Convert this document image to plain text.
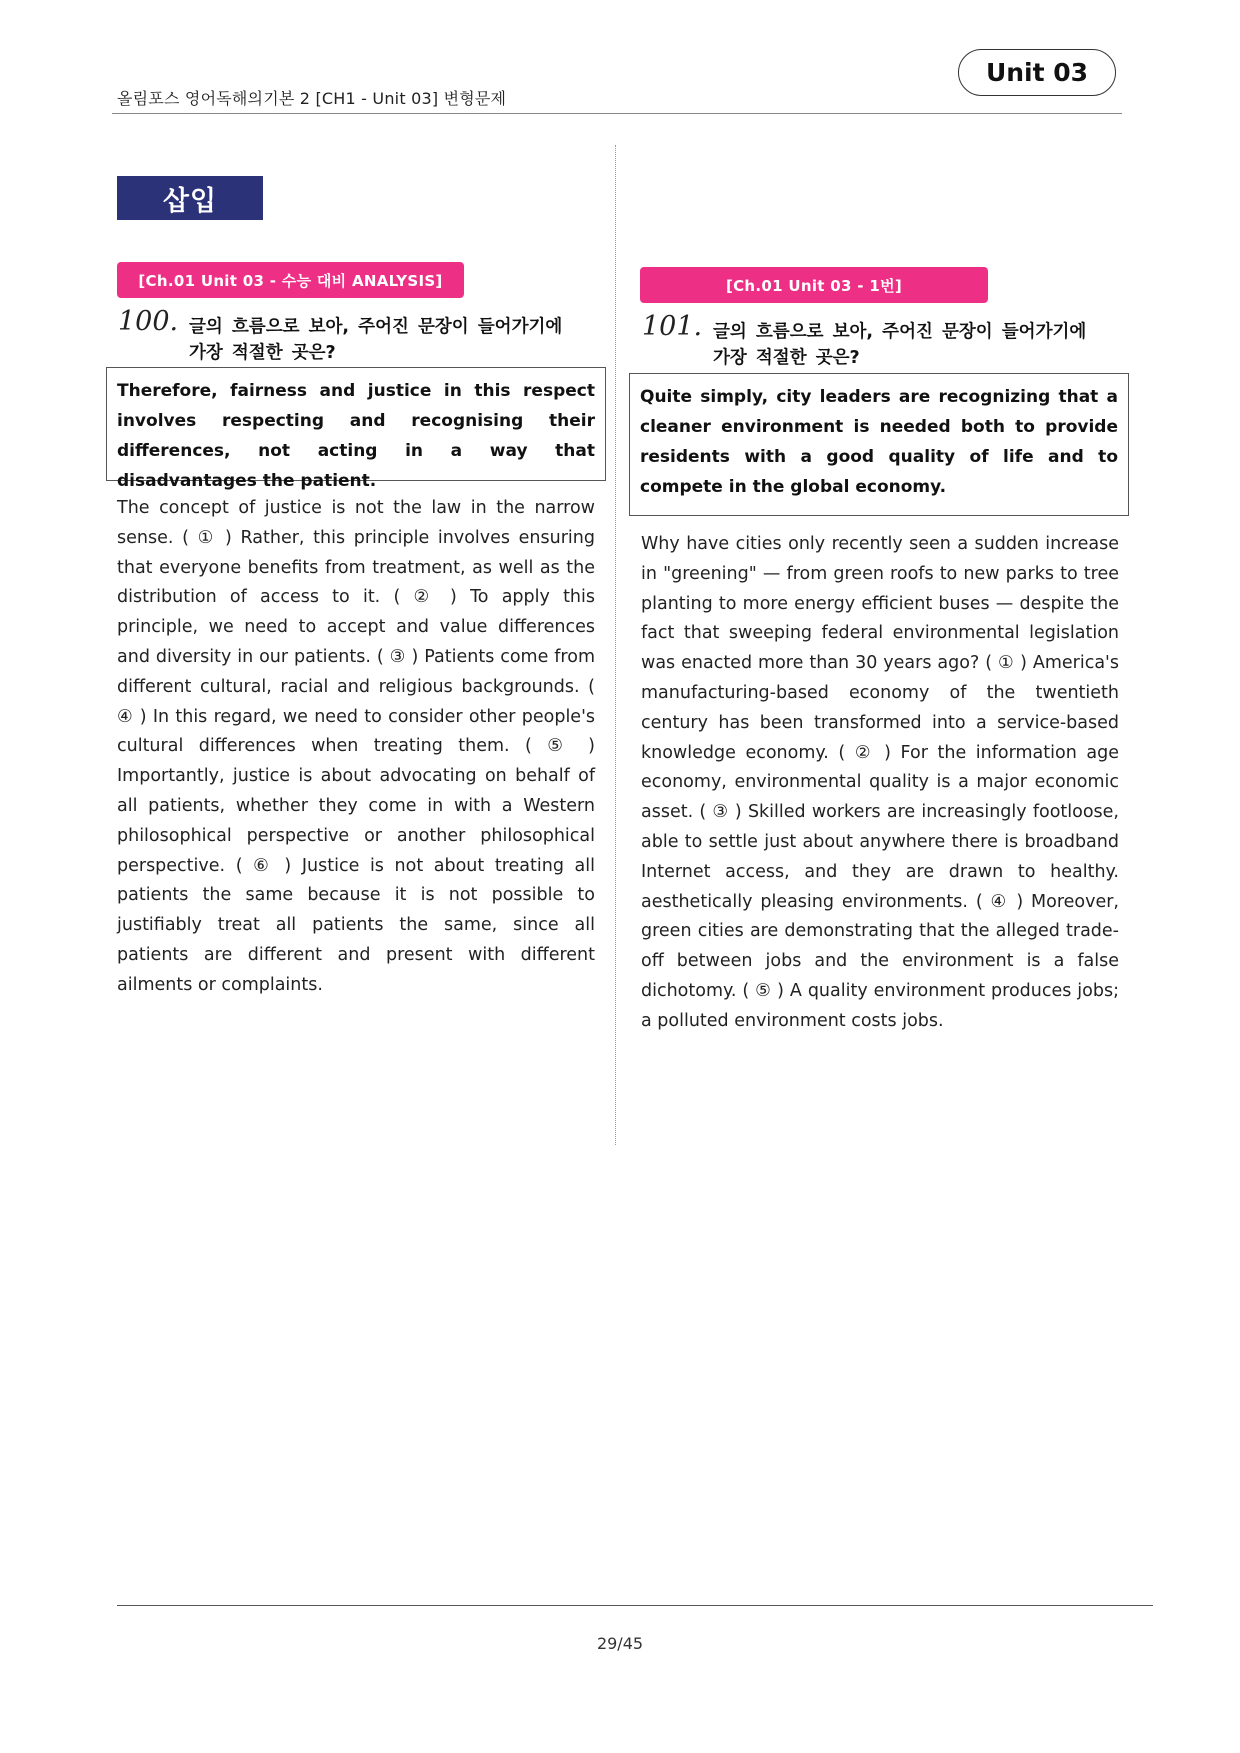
올림포스 영어독해의기본 2 [CH1 - Unit 03] 변형문제
Unit 03
삽입
[Ch.01 Unit 03 - 수능 대비 ANALYSIS]
100. 글의 흐름으로 보아, 주어진 문장이 들어가기에
가장 적절한 곳은?
Therefore, fairness and justice in this respect involves respecting and recognising their differences, not acting in a way that disadvantages the patient.
The concept of justice is not the law in the narrow sense. ( ① ) Rather, this principle involves ensuring that everyone benefits from treatment, as well as the distribution of access to it. ( ② ) To apply this principle, we need to accept and value differences and diversity in our patients. ( ③ ) Patients come from different cultural, racial and religious backgrounds. ( ④ ) In this regard, we need to consider other people's cultural differences when treating them. ( ⑤ ) Importantly, justice is about advocating on behalf of all patients, whether they come in with a Western philosophical perspective or another philosophical perspective. ( ⑥ ) Justice is not about treating all patients the same because it is not possible to justifiably treat all patients the same, since all patients are different and present with different ailments or complaints.
[Ch.01 Unit 03 - 1번]
101. 글의 흐름으로 보아, 주어진 문장이 들어가기에
가장 적절한 곳은?
Quite simply, city leaders are recognizing that a cleaner environment is needed both to provide residents with a good quality of life and to compete in the global economy.
Why have cities only recently seen a sudden increase in "greening" — from green roofs to new parks to tree planting to more energy efficient buses — despite the fact that sweeping federal environmental legislation was enacted more than 30 years ago? ( ① ) America's manufacturing-based economy of the twentieth century has been transformed into a service-based knowledge economy. ( ② ) For the information age economy, environmental quality is a major economic asset. ( ③ ) Skilled workers are increasingly footloose, able to settle just about anywhere there is broadband Internet access, and they are drawn to healthy. aesthetically pleasing environments. ( ④ ) Moreover, green cities are demonstrating that the alleged trade-off between jobs and the environment is a false dichotomy. ( ⑤ ) A quality environment produces jobs; a polluted environment costs jobs.
29/45
